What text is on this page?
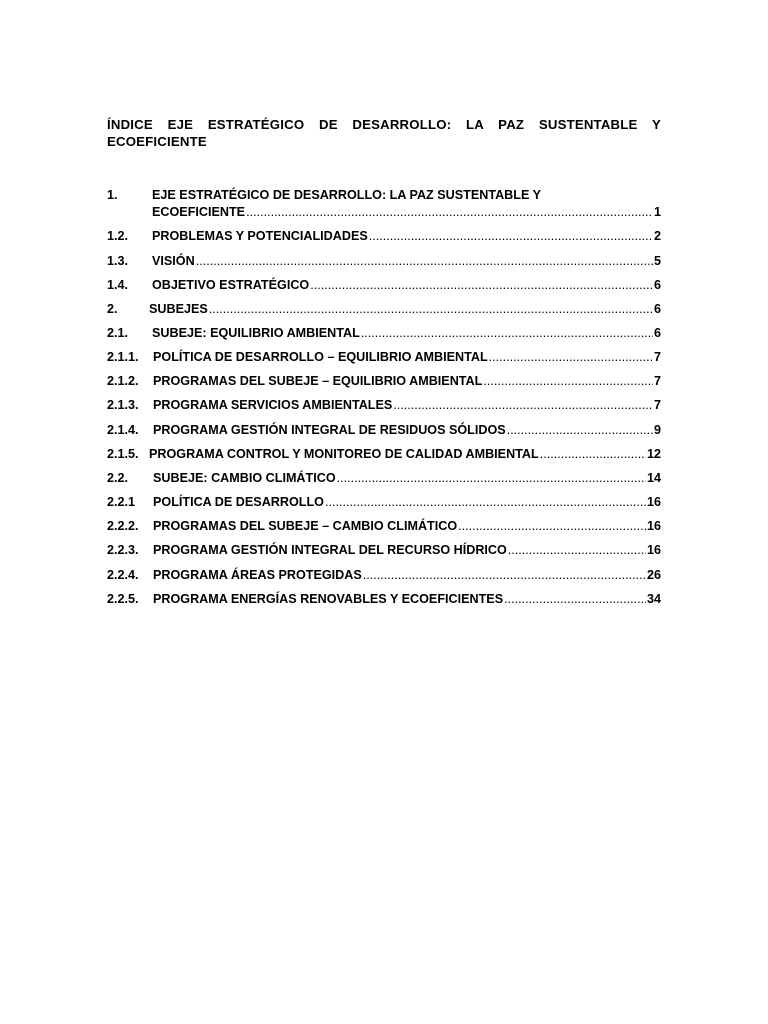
ÍNDICE EJE ESTRATÉGICO DE DESARROLLO: LA PAZ SUSTENTABLE Y ECOEFICIENTE
1.	EJE ESTRATÉGICO DE DESARROLLO: LA PAZ SUSTENTABLE Y
ECOEFICIENTE .....	1
1.2.	PROBLEMAS Y POTENCIALIDADES .....	2
1.3.	VISIÓN .....	5
1.4.	OBJETIVO ESTRATÉGICO .....	6
2.	SUBEJES .....	6
2.1.	SUBEJE: EQUILIBRIO AMBIENTAL .....	6
2.1.1.	POLÍTICA DE DESARROLLO – EQUILIBRIO AMBIENTAL .....	7
2.1.2.	PROGRAMAS DEL SUBEJE – EQUILIBRIO AMBIENTAL .....	7
2.1.3.	PROGRAMA SERVICIOS AMBIENTALES .....	7
2.1.4.	PROGRAMA GESTIÓN INTEGRAL DE RESIDUOS SÓLIDOS .....	9
2.1.5. PROGRAMA CONTROL Y MONITOREO DE CALIDAD AMBIENTAL .....	12
2.2.	SUBEJE: CAMBIO CLIMÁTICO .....	14
2.2.1	POLÍTICA DE DESARROLLO .....	16
2.2.2.	PROGRAMAS DEL SUBEJE – CAMBIO CLIMÁTICO .....	16
2.2.3.	PROGRAMA GESTIÓN INTEGRAL DEL RECURSO HÍDRICO .....	16
2.2.4.	PROGRAMA ÁREAS PROTEGIDAS .....	26
2.2.5.	PROGRAMA ENERGÍAS RENOVABLES Y ECOEFICIENTES .....	34
